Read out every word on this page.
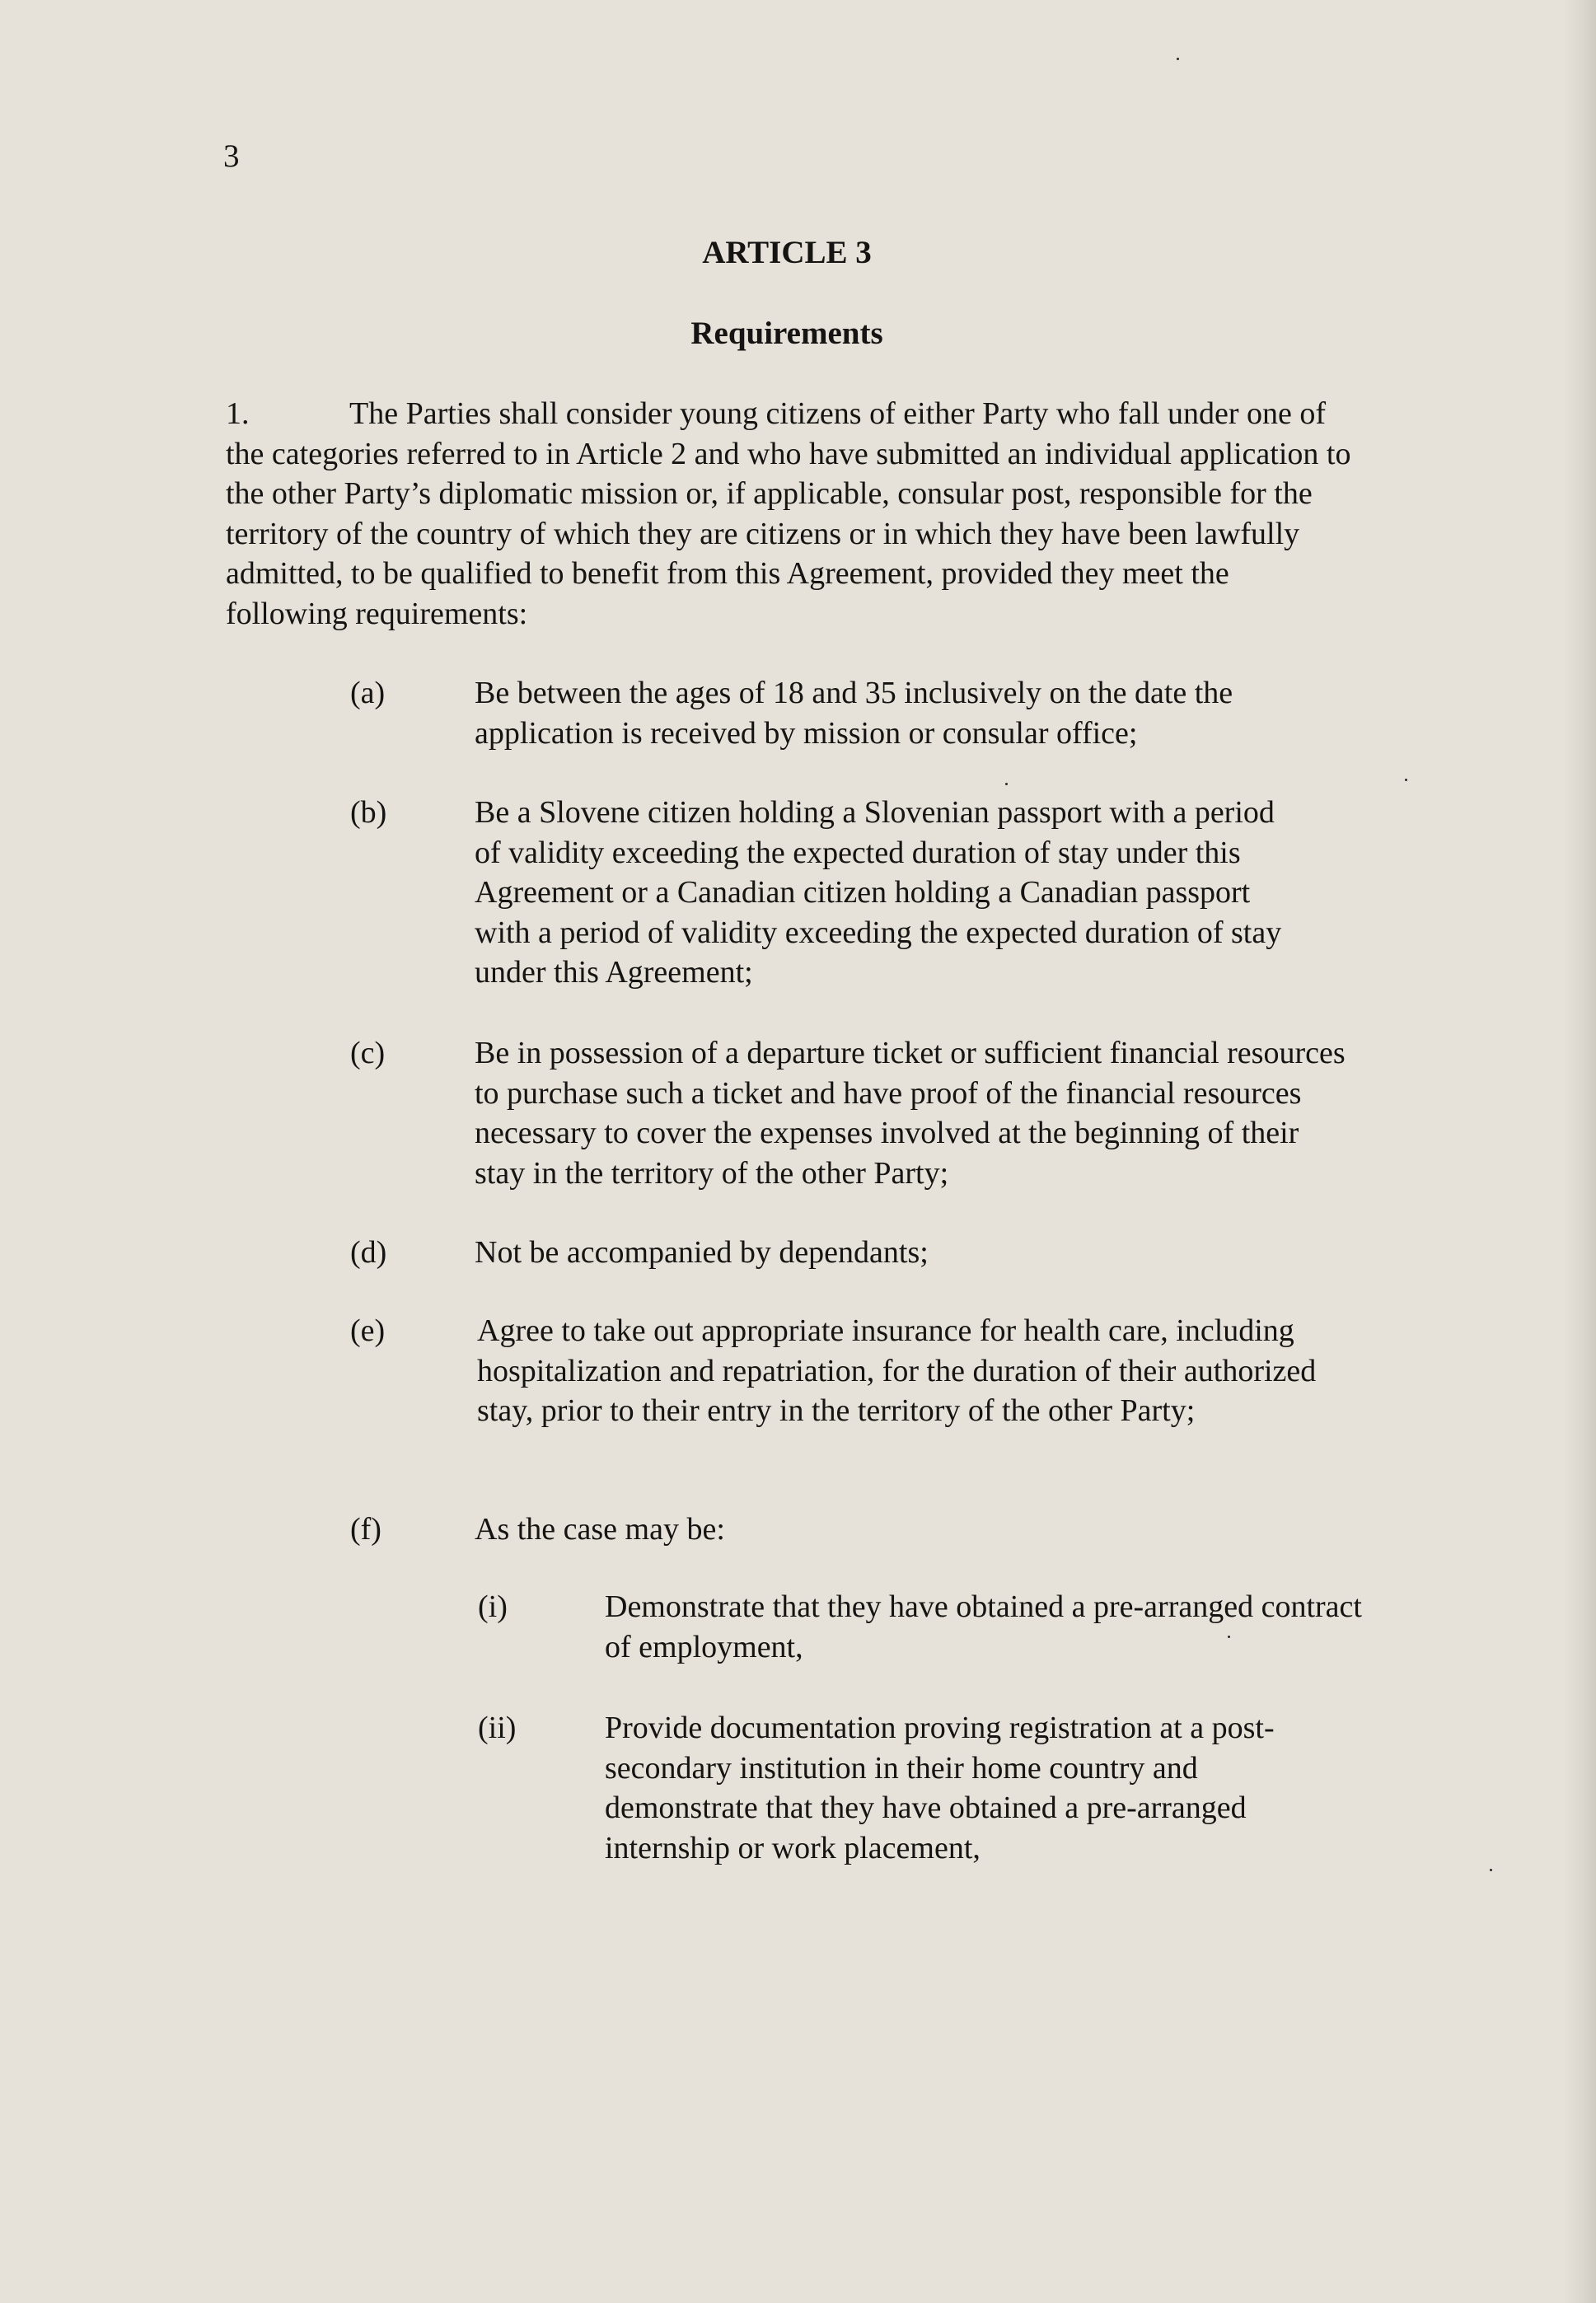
3
ARTICLE 3
Requirements
1.	The Parties shall consider young citizens of either Party who fall under one of the categories referred to in Article 2 and who have submitted an individual application to the other Party’s diplomatic mission or, if applicable, consular post, responsible for the territory of the country of which they are citizens or in which they have been lawfully admitted, to be qualified to benefit from this Agreement, provided they meet the following requirements:
(a)	Be between the ages of 18 and 35 inclusively on the date the application is received by mission or consular office;
(b)	Be a Slovene citizen holding a Slovenian passport with a period of validity exceeding the expected duration of stay under this Agreement or a Canadian citizen holding a Canadian passport with a period of validity exceeding the expected duration of stay under this Agreement;
(c)	Be in possession of a departure ticket or sufficient financial resources to purchase such a ticket and have proof of the financial resources necessary to cover the expenses involved at the beginning of their stay in the territory of the other Party;
(d)	Not be accompanied by dependants;
(e)	Agree to take out appropriate insurance for health care, including hospitalization and repatriation, for the duration of their authorized stay, prior to their entry in the territory of the other Party;
(f)	As the case may be:
(i)	Demonstrate that they have obtained a pre-arranged contract of employment,
(ii)	Provide documentation proving registration at a post-secondary institution in their home country and demonstrate that they have obtained a pre-arranged internship or work placement,
